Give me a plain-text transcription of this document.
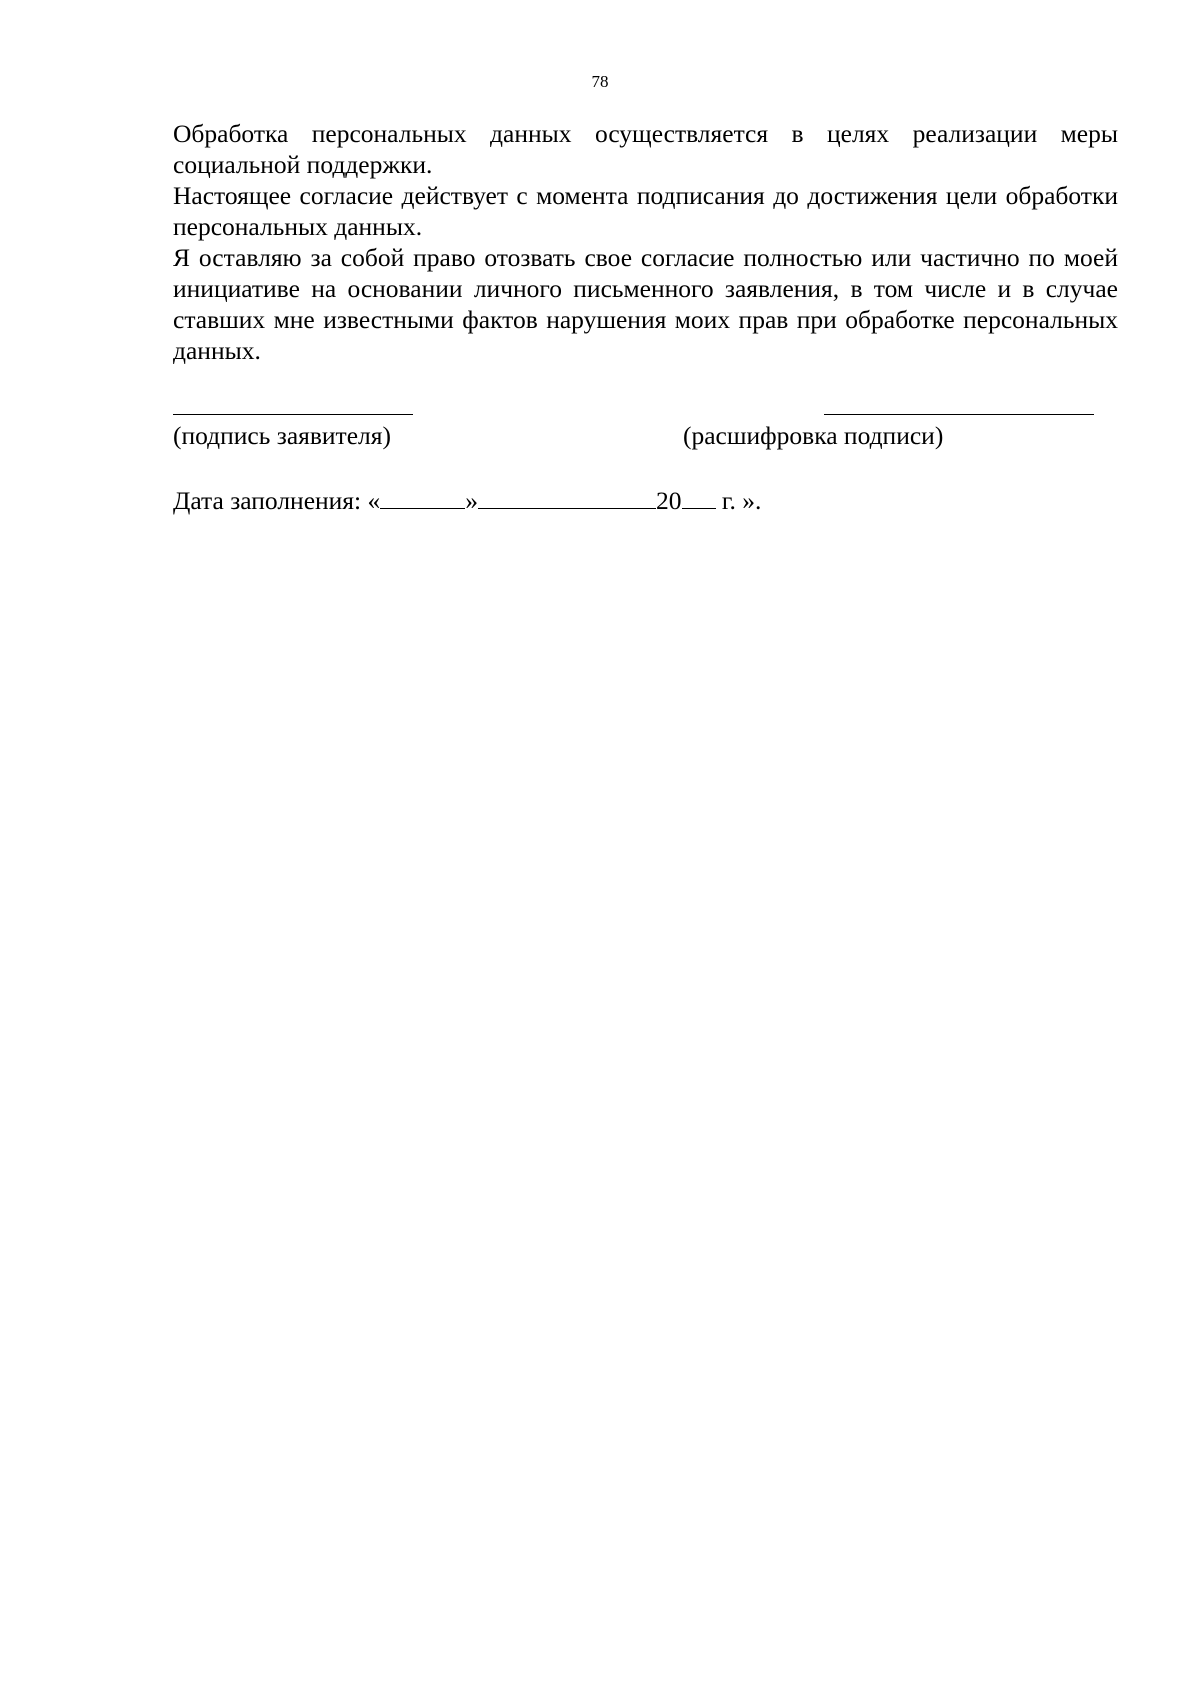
78

Обработка персональных данных осуществляется в целях реализации меры социальной поддержки.

Настоящее согласие действует с момента подписания до достижения цели обработки персональных данных.

Я оставляю за собой право отозвать свое согласие полностью или частично по моей инициативе на основании личного письменного заявления, в том числе и в случае ставших мне известными фактов нарушения моих прав при обработке персональных данных.

(подпись заявителя)	(расшифровка подписи)
Дата заполнения: «	»	20 г. ».
